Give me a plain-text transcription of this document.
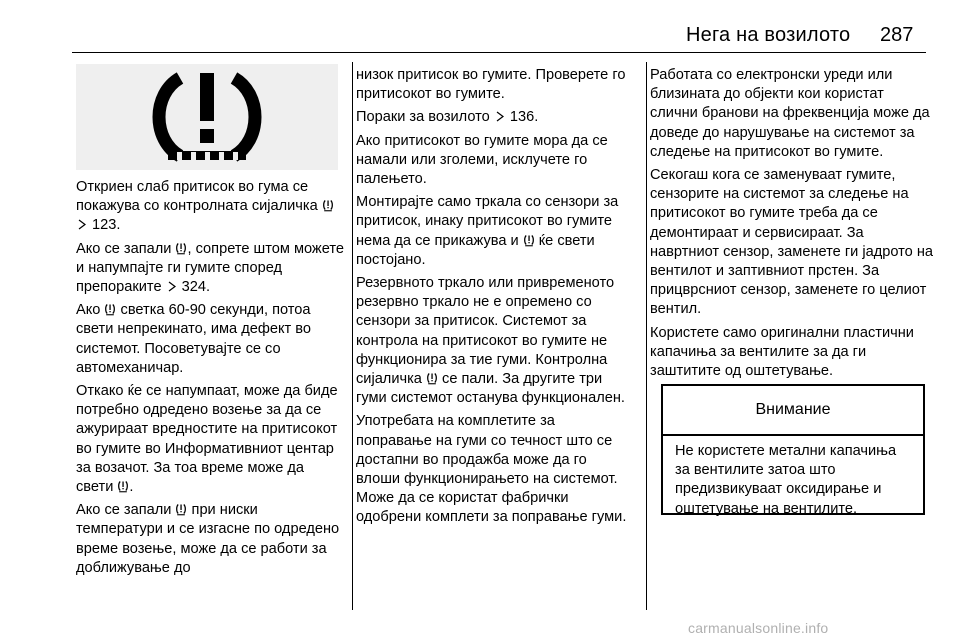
Нега на возилото 287

Откриен слаб притисок во гума се покажува со контролната сијаличка

123.

Ако се запали
, сопрете штом можете и напумпајте ги гумите според препораките
324.

Ако
светка 60-90 секунди, потоа свети непрекинато, има дефект во системот. Посоветувајте се со автомеханичар.

Откако ќе се напумпаат, може да биде потребно одредено возење за да се ажурираат вредностите на притисокот во гумите во Информативниот центар за возачот. За тоа време може да свети
.

Ако се запали
при ниски температури и се изгасне по одредено време возење, може да се работи за доближување до

низок притисок во гумите. Проверете го притисокот во гумите.

Пораки за возилото
136.

Ако притисокот во гумите мора да се намали или зголеми, исклучете го палењето.

Монтирајте само тркала со сензори за притисок, инаку притисокот во гумите нема да се прикажува и
ќе свети постојано.

Резервното тркало или привременото резервно тркало не е опремено со сензори за притисок. Системот за контрола на притисокот во гумите не функционира за тие гуми. Контролна сијаличка
се пали. За другите три гуми системот останува функционален.

Употребата на комплетите за поправање на гуми со течност што се достапни во продажба може да го влоши функционирањето на системот. Може да се користат фабрички одобрени комплети за поправање гуми.

Работата со електронски уреди или близината до објекти кои користат слични бранови на фреквенција може да доведе до нарушување на системот за следење на притисокот во гумите.

Секогаш кога се заменуваат гумите, сензорите на системот за следење на притисокот во гумите треба да се демонтираат и сервисираат. За навртниот сензор, заменете ги јадрото на вентилот и заптивниот прстен. За прицврсниот сензор, заменете го целиот вентил.

Користете само оригинални пластични капачиња за вентилите за да ги заштитите од оштетување.

Внимание
Не користете метални капачиња за вентилите затоа што предизвикуваат оксидирање и оштетување на вентилите.
carmanualsonline.info
